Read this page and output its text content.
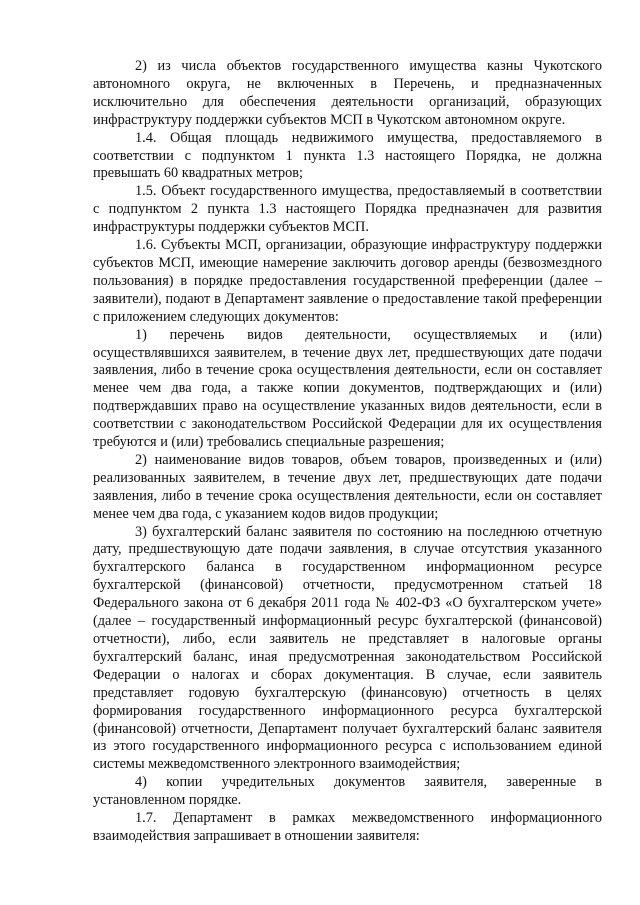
2) из числа объектов государственного имущества казны Чукотского автономного округа, не включенных в Перечень, и предназначенных исключительно для обеспечения деятельности организаций, образующих инфраструктуру поддержки субъектов МСП в Чукотском автономном округе.

1.4. Общая площадь недвижимого имущества, предоставляемого в соответствии с подпунктом 1 пункта 1.3 настоящего Порядка, не должна превышать 60 квадратных метров;

1.5. Объект государственного имущества, предоставляемый в соответствии с подпунктом 2 пункта 1.3 настоящего Порядка предназначен для развития инфраструктуры поддержки субъектов МСП.

1.6. Субъекты МСП, организации, образующие инфраструктуру поддержки субъектов МСП, имеющие намерение заключить договор аренды (безвозмездного пользования) в порядке предоставления государственной преференции (далее – заявители), подают в Департамент заявление о предоставление такой преференции с приложением следующих документов:

1) перечень видов деятельности, осуществляемых и (или) осуществлявшихся заявителем, в течение двух лет, предшествующих дате подачи заявления, либо в течение срока осуществления деятельности, если он составляет менее чем два года, а также копии документов, подтверждающих и (или) подтверждавших право на осуществление указанных видов деятельности, если в соответствии с законодательством Российской Федерации для их осуществления требуются и (или) требовались специальные разрешения;

2) наименование видов товаров, объем товаров, произведенных и (или) реализованных заявителем, в течение двух лет, предшествующих дате подачи заявления, либо в течение срока осуществления деятельности, если он составляет менее чем два года, с указанием кодов видов продукции;

3) бухгалтерский баланс заявителя по состоянию на последнюю отчетную дату, предшествующую дате подачи заявления, в случае отсутствия указанного бухгалтерского баланса в государственном информационном ресурсе бухгалтерской (финансовой) отчетности, предусмотренном статьей 18 Федерального закона от 6 декабря 2011 года № 402-ФЗ «О бухгалтерском учете» (далее – государственный информационный ресурс бухгалтерской (финансовой) отчетности), либо, если заявитель не представляет в налоговые органы бухгалтерский баланс, иная предусмотренная законодательством Российской Федерации о налогах и сборах документация. В случае, если заявитель представляет годовую бухгалтерскую (финансовую) отчетность в целях формирования государственного информационного ресурса бухгалтерской (финансовой) отчетности, Департамент получает бухгалтерский баланс заявителя из этого государственного информационного ресурса с использованием единой системы межведомственного электронного взаимодействия;

4) копии учредительных документов заявителя, заверенные в установленном порядке.

1.7. Департамент в рамках межведомственного информационного взаимодействия запрашивает в отношении заявителя:
